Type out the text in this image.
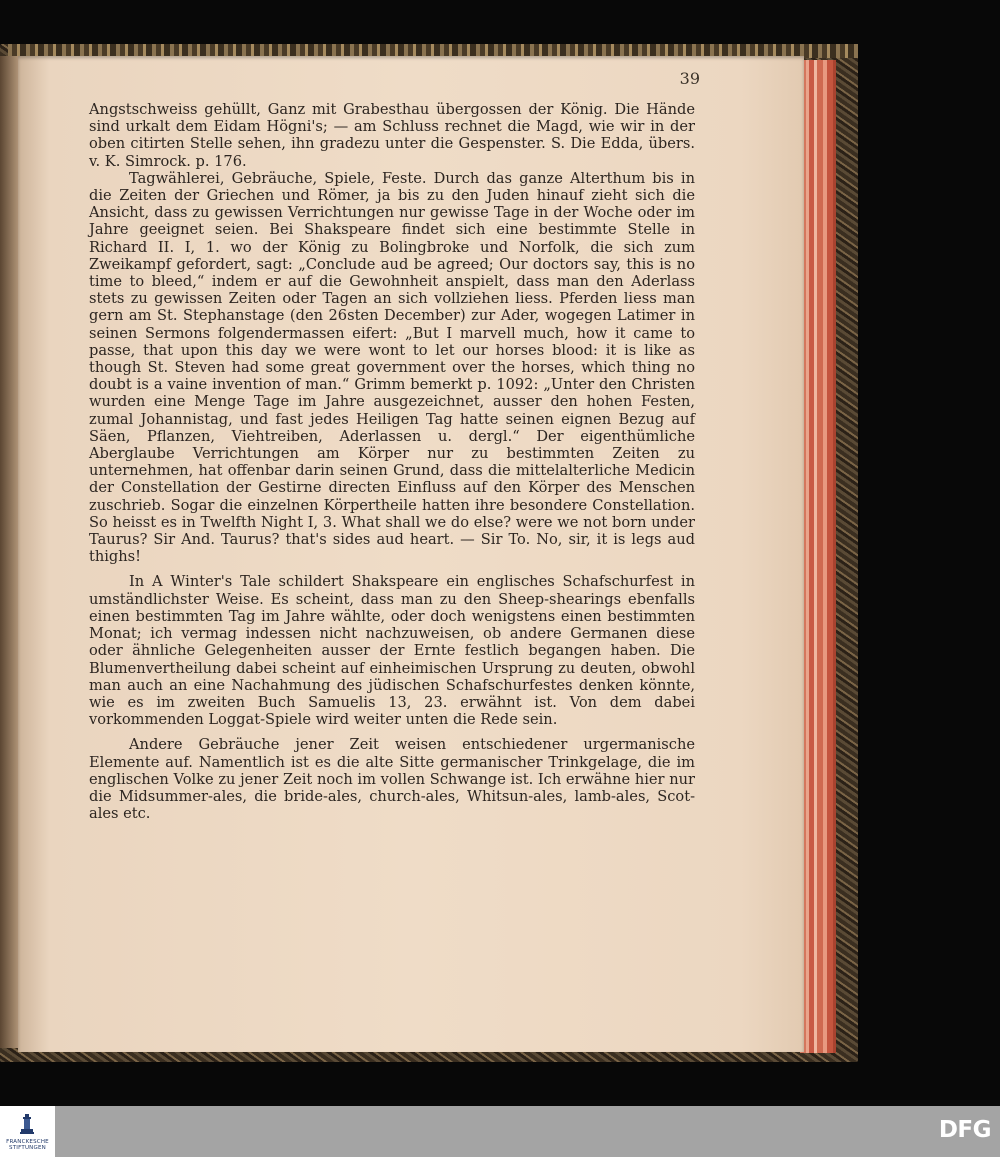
39

Angstschweiss gehüllt, Ganz mit Grabesthau übergossen der König. Die Hände sind urkalt dem Eidam Högni's; — am Schluss rechnet die Magd, wie wir in der oben citirten Stelle sehen, ihn gradezu unter die Gespenster. S. Die Edda, übers. v. K. Simrock. p. 176.

Tagwählerei, Gebräuche, Spiele, Feste. Durch das ganze Alterthum bis in die Zeiten der Griechen und Römer, ja bis zu den Juden hinauf zieht sich die Ansicht, dass zu gewissen Verrichtungen nur gewisse Tage in der Woche oder im Jahre geeignet seien. Bei Shakspeare findet sich eine bestimmte Stelle in Richard II. I, 1. wo der König zu Bolingbroke und Norfolk, die sich zum Zweikampf gefordert, sagt: „Conclude aud be agreed; Our doctors say, this is no time to bleed,“ indem er auf die Gewohnheit anspielt, dass man den Aderlass stets zu gewissen Zeiten oder Tagen an sich vollziehen liess. Pferden liess man gern am St. Stephanstage (den 26sten December) zur Ader, wogegen Latimer in seinen Sermons folgendermassen eifert: „But I marvell much, how it came to passe, that upon this day we were wont to let our horses blood: it is like as though St. Steven had some great government over the horses, which thing no doubt is a vaine invention of man.“ Grimm bemerkt p. 1092: „Unter den Christen wurden eine Menge Tage im Jahre ausgezeichnet, ausser den hohen Festen, zumal Johannistag, und fast jedes Heiligen Tag hatte seinen eignen Bezug auf Säen, Pflanzen, Viehtreiben, Aderlassen u. dergl.“ Der eigenthümliche Aberglaube Verrichtungen am Körper nur zu bestimmten Zeiten zu unternehmen, hat offenbar darin seinen Grund, dass die mittelalterliche Medicin der Constellation der Gestirne directen Einfluss auf den Körper des Menschen zuschrieb. Sogar die einzelnen Körpertheile hatten ihre besondere Constellation. So heisst es in Twelfth Night I, 3. What shall we do else? were we not born under Taurus? Sir And. Taurus? that's sides aud heart. — Sir To. No, sir, it is legs aud thighs!

In A Winter's Tale schildert Shakspeare ein englisches Schafschurfest in umständlichster Weise. Es scheint, dass man zu den Sheep-shearings ebenfalls einen bestimmten Tag im Jahre wählte, oder doch wenigstens einen bestimmten Monat; ich vermag indessen nicht nachzuweisen, ob andere Germanen diese oder ähnliche Gelegenheiten ausser der Ernte festlich begangen haben. Die Blumenvertheilung dabei scheint auf einheimischen Ursprung zu deuten, obwohl man auch an eine Nachahmung des jüdischen Schafschurfestes denken könnte, wie es im zweiten Buch Samuelis 13, 23. erwähnt ist. Von dem dabei vorkommenden Loggat-Spiele wird weiter unten die Rede sein.

Andere Gebräuche jener Zeit weisen entschiedener urgermanische Elemente auf. Namentlich ist es die alte Sitte germanischer Trinkgelage, die im englischen Volke zu jener Zeit noch im vollen Schwange ist. Ich erwähne hier nur die Midsummer-ales, die bride-ales, church-ales, Whitsun-ales, lamb-ales, Scot-ales etc.

FRANCKESCHE
STIFTUNGEN
DFG
